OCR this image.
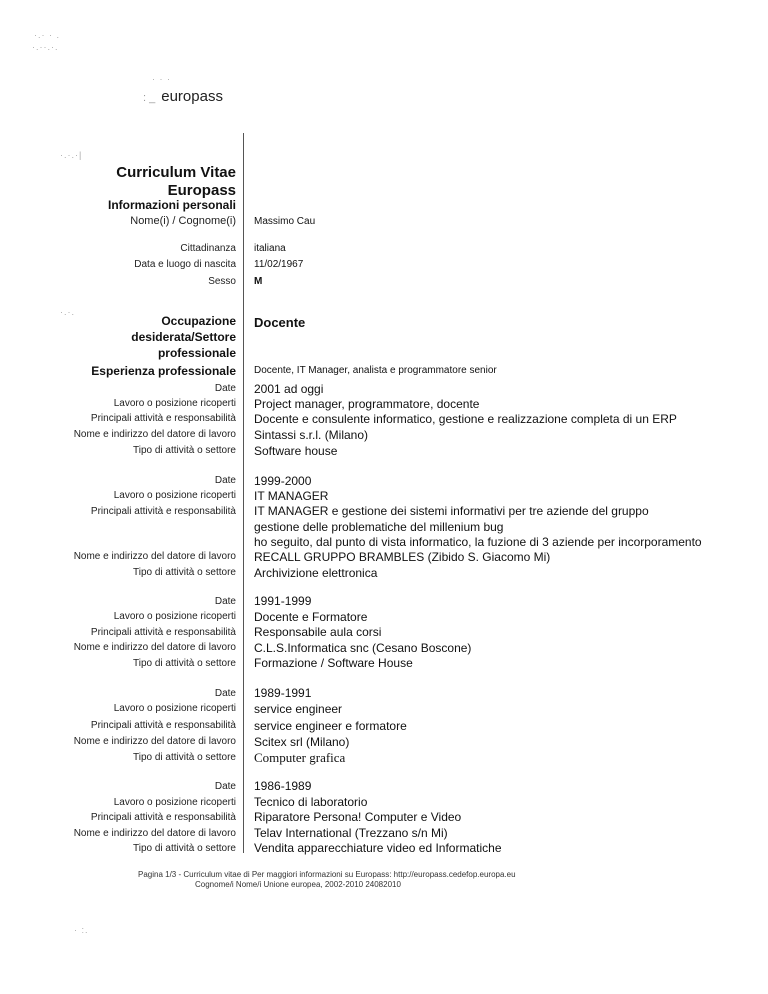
·.· · .
·.··.·.
· · ·
·.·.·|
·.·.
· :.
: _ europass
Curriculum Vitae
Europass
Informazioni personali
Nome(i) / Cognome(i) Massimo Cau
Cittadinanza italiana
Data e luogo di nascita 11/02/1967
Sesso M
Occupazione
desiderata/Settore
professionale
Docente
Esperienza professionale Docente, IT Manager, analista e programmatore senior
Date 2001 ad oggi
Lavoro o posizione ricoperti Project manager, programmatore, docente
Principali attività e responsabilità Docente e consulente informatico, gestione e realizzazione completa di un ERP
Nome e indirizzo del datore di lavoro Sintassi s.r.l. (Milano)
Tipo di attività o settore Software house
Date 1999-2000
Lavoro o posizione ricoperti IT MANAGER
Principali attività e responsabilità IT MANAGER e gestione dei sistemi informativi per tre aziende del gruppo
gestione delle problematiche del millenium bug
ho seguito, dal punto di vista informatico, la fuzione di 3 aziende per incorporamento
Nome e indirizzo del datore di lavoro RECALL GRUPPO BRAMBLES (Zibido S. Giacomo Mi)
Tipo di attività o settore Archivizione elettronica
Date 1991-1999
Lavoro o posizione ricoperti Docente e Formatore
Principali attività e responsabilità Responsabile aula corsi
Nome e indirizzo del datore di lavoro C.L.S.Informatica snc (Cesano Boscone)
Tipo di attività o settore Formazione / Software House
Date 1989-1991
Lavoro o posizione ricoperti service engineer
Principali attività e responsabilità service engineer e formatore
Nome e indirizzo del datore di lavoro Scitex srl (Milano)
Tipo di attività o settore Computer grafica
Date 1986-1989
Lavoro o posizione ricoperti Tecnico di laboratorio
Principali attività e responsabilità Riparatore Persona! Computer e Video
Nome e indirizzo del datore di lavoro Telav International (Trezzano s/n Mi)
Tipo di attività o settore Vendita apparecchiature video ed Informatiche
Pagina 1/3 - Curriculum vitae di Per maggiori informazioni su Europass: http://europass.cedefop.europa.eu
Cognome/i Nome/i Unione europea, 2002-2010 24082010
